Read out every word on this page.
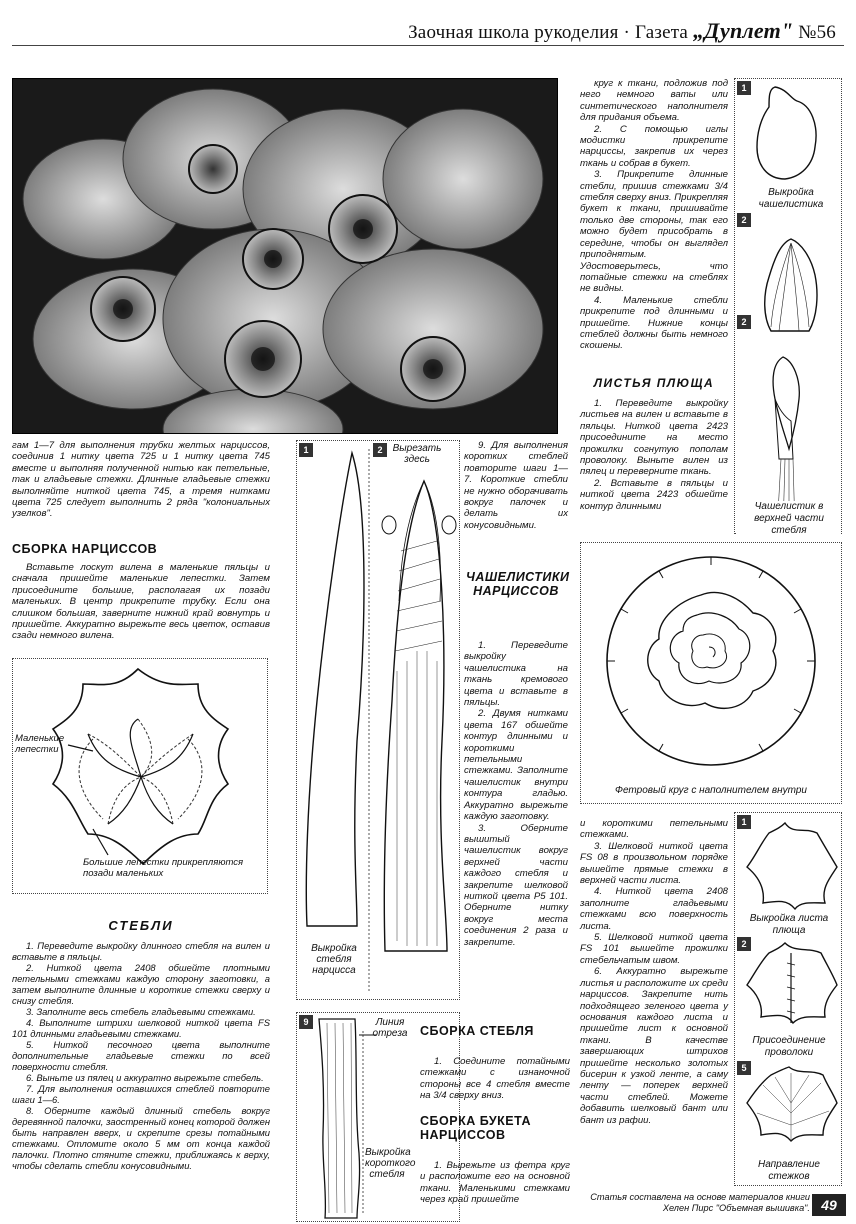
Заочная школа рукоделия · Газета „Дуплет" №56

гам 1—7 для выполнения трубки желтых нарциссов, соединив 1 нитку цвета 725 и 1 нитку цвета 745 вместе и выполняя полученной нитью как петельные, так и гладьевые стежки. Длинные гладьевые стежки выполняйте ниткой цвета 745, а тремя нитками цвета 725 следует выполнить 2 ряда "колониальных узелков".

СБОРКА НАРЦИССОВ

Вставьте лоскут вилена в маленькие пяльцы и сначала пришейте маленькие лепестки. Затем присоедините большие, располагая их позади маленьких. В центр прикрепите трубку. Если она слишком большая, заверните нижний край вовнутрь и пришейте. Аккуратно вырежьте весь цветок, оставив сзади немного вилена.

Маленькие лепестки
Большие лепестки прикрепляются позади маленьких
СТЕБЛИ

1. Переведите выкройку длинного стебля на вилен и вставьте в пяльцы.

2. Ниткой цвета 2408 обшейте плотными петельными стежками каждую сторону заготовки, а затем выполните длинные и короткие стежки сверху и снизу стебля.

3. Заполните весь стебель гладьевыми стежками.

4. Выполните штрихи шелковой ниткой цвета FS 101 длинными гладьевыми стежками.

5. Ниткой песочного цвета выполните дополнительные гладьевые стежки по всей поверхности стебля.

6. Выньте из пялец и аккуратно вырежьте стебель.

7. Для выполнения оставшихся стеблей повторите шаги 1—6.

8. Оберните каждый длинный стебель вокруг деревянной палочки, заостренный конец которой должен быть направлен вверх, и скрепите срезы потайными стежками. Отломите около 5 мм от конца каждой палочки. Плотно стяните стежки, приближаясь к верху, чтобы сделать стебли конусовидными.

1	2	Вырезать здесь
Выкройка стебля нарцисса
9	Линия отреза
Выкройка короткого стебля

9. Для выполнения коротких стеблей повторите шаги 1—7. Короткие стебли не нужно оборачивать вокруг палочек и делать их конусовидными.

ЧАШЕЛИСТИКИ НАРЦИССОВ

1. Переведите выкройку чашелистика на ткань кремового цвета и вставьте в пяльцы.

2. Двумя нитками цвета 167 обшейте контур длинными и короткими петельными стежками. Заполните чашелистик внутри контура гладью. Аккуратно вырежьте каждую заготовку.

3. Оберните вышитый чашелистик вокруг верхней части каждого стебля и закрепите шелковой ниткой цвета P5 101. Оберните нитку вокруг места соединения 2 раза и закрепите.

СБОРКА СТЕБЛЯ

1. Соедините потайными стежками с изнаночной стороны все 4 стебля вместе на 3/4 сверху вниз.

СБОРКА БУКЕТА НАРЦИССОВ

1. Вырежьте из фетра круг и расположите его на основной ткани. Маленькими стежками через край пришейте

круг к ткани, подложив под него немного ваты или синтетического наполнителя для придания объема.

2. С помощью иглы модистки прикрепите нарциссы, закрепив их через ткань и собрав в букет.

3. Прикрепите длинные стебли, пришив стежками 3/4 стебля сверху вниз. Прикрепляя букет к ткани, пришивайте только две стороны, так его можно будет присобрать в середине, чтобы он выглядел приподнятым. Удостоверьтесь, что потайные стежки на стеблях не видны.

4. Маленькие стебли прикрепите под длинными и пришейте. Нижние концы стеблей должны быть немного скошены.

ЛИСТЬЯ ПЛЮЩА

1. Переведите выкройку листьев на вилен и вставьте в пяльцы. Ниткой цвета 2423 присоедините на место прожилки согнутую пополам проволоку. Выньте вилен из пялец и переверните ткань.

2. Вставьте в пяльцы и ниткой цвета 2423 обшейте контур длинными

Фетровый круг с наполнителем внутри

и короткими петельными стежками.

3. Шелковой ниткой цвета FS 08 в произвольном порядке вышейте прямые стежки в верхней части листа.

4. Ниткой цвета 2408 заполните гладьевыми стежками всю поверхность листа.

5. Шелковой ниткой цвета FS 101 вышейте прожилки стебельчатым швом.

6. Аккуратно вырежьте листья и расположите их среди нарциссов. Закрепите нить подходящего зеленого цвета у основания каждого листа и пришейте лист к основной ткани. В качестве завершающих штрихов пришейте несколько золотых бисерин к узкой ленте, а саму ленту — поперек верхней части стеблей. Можете добавить шелковый бант или бант из рафии.

Статья составлена на основе материалов книги
Хелен Пирс "Объемная вышивка". 49
1
Выкройка чашелистика
2
2
Чашелистик в верхней части стебля
1
Выкройка листа плюща
2
Присоединение проволоки
5
Направление стежков
